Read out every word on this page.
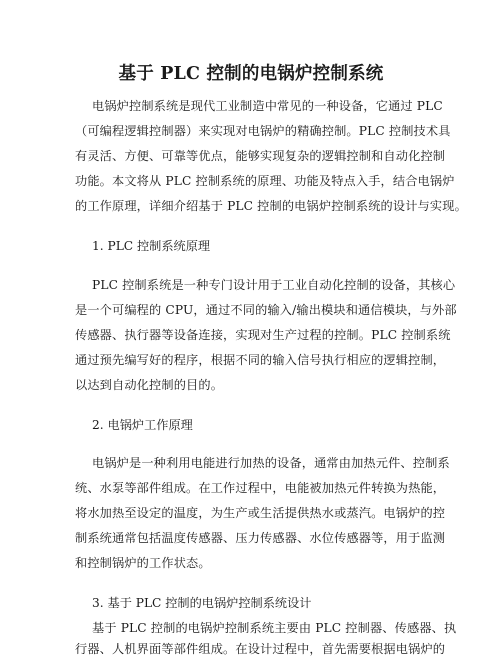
基于 PLC 控制的电锅炉控制系统
电锅炉控制系统是现代工业制造中常见的一种设备，它通过 PLC
（可编程逻辑控制器）来实现对电锅炉的精确控制。PLC 控制技术具
有灵活、方便、可靠等优点，能够实现复杂的逻辑控制和自动化控制
功能。本文将从 PLC 控制系统的原理、功能及特点入手，结合电锅炉
的工作原理，详细介绍基于 PLC 控制的电锅炉控制系统的设计与实现。
1. PLC 控制系统原理
PLC 控制系统是一种专门设计用于工业自动化控制的设备，其核心
是一个可编程的 CPU，通过不同的输入/输出模块和通信模块，与外部
传感器、执行器等设备连接，实现对生产过程的控制。PLC 控制系统
通过预先编写好的程序，根据不同的输入信号执行相应的逻辑控制，
以达到自动化控制的目的。
2. 电锅炉工作原理
电锅炉是一种利用电能进行加热的设备，通常由加热元件、控制系
统、水泵等部件组成。在工作过程中，电能被加热元件转换为热能，
将水加热至设定的温度，为生产或生活提供热水或蒸汽。电锅炉的控
制系统通常包括温度传感器、压力传感器、水位传感器等，用于监测
和控制锅炉的工作状态。
3. 基于 PLC 控制的电锅炉控制系统设计
基于 PLC 控制的电锅炉控制系统主要由 PLC 控制器、传感器、执
行器、人机界面等部件组成。在设计过程中，首先需要根据电锅炉的
